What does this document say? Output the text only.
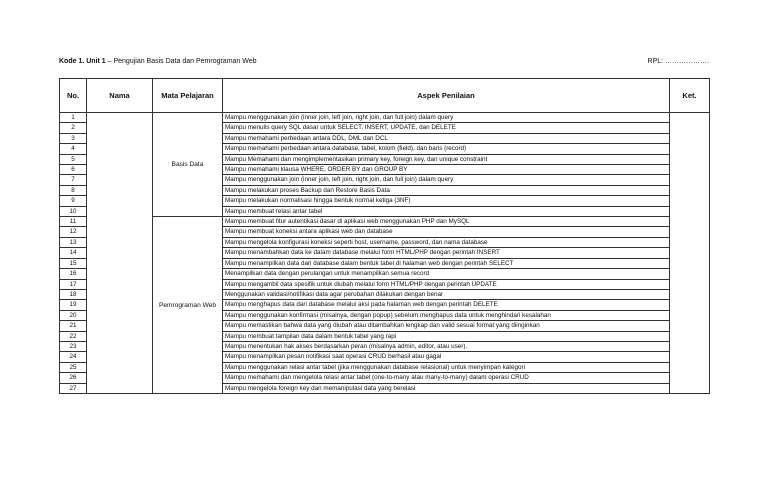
Kode 1. Unit 1 – Pengujian Basis Data dan Pemrograman Web	RPL: ……………….
No.	Nama	Mata Pelajaran	Aspek Penilaian	Ket.
1		Basis Data	Mampu menggunakan join (inner join, left join, right join, dan full join) dalam query	
2			Mampu menulis query SQL dasar untuk SELECT, INSERT, UPDATE, dan DELETE	
3			Mampu memahami perbedaan antara DDL, DML dan DCL	
4			Mampu memahami perbedaan antara database, tabel, kolom (field), dan baris (record)	
5			Mampu Memahami dan mengimplementasikan primary key, foreign key, dan unique constraint	
6			Mampu memahami klausa WHERE, ORDER BY dan GROUP BY	
7			Mampu menggunakan join (inner join, left join, right join, dan full join) dalam query	
8			Mampu melakukan proses Backup dan Restore Basis Data	
9			Mampu melakukan normalisasi hingga bentuk normal ketiga (3NF)	
10			Mampu membuat relasi antar tabel	
11		Pemrograman Web	Mampu membuat fitur autentikasi dasar di aplikasi web menggunakan PHP dan MySQL	
12			Mampu membuat koneksi antara aplikasi web dan database	
13			Mampu mengelola konfigurasi koneksi seperti host, username, password, dan nama database	
14			Mampu menambahkan data ke dalam database melalui form HTML/PHP dengan perintah INSERT	
15			Mampu menampilkan data dari database dalam bentuk tabel di halaman web dengan perintah SELECT	
16			Menampilkan data dengan perulangan untuk menampilkan semua record	
17			Mampu mengambil data spesifik untuk diubah melalui form HTML/PHP dengan perintah UPDATE	
18			Menggunakan validasi/notifikasi data agar perubahan dilakukan dengan benar	
19			Mampu menghapus data dari database melalui aksi pada halaman web dengan perintah DELETE	
20			Mampu menggunakan konfirmasi (misalnya, dengan popup) sebelum menghapus data untuk menghindari kesalahan	
21			Mampu memastikan bahwa data yang diubah atau ditambahkan lengkap dan valid sesuai format yang diinginkan	
22			Mampu membuat tampilan data dalam bentuk tabel yang rapi	
23			Mampu menentukan hak akses berdasarkan peran (misalnya admin, editor, atau user).	
24			Mampu menampilkan pesan notifikasi saat operasi CRUD berhasil atau gagal	
25			Mampu menggunakan relasi antar tabel (jika menggunakan database relasional) untuk menyimpan kategori	
26			Mampu memahami dan mengelola relasi antar tabel (one-to-many atau many-to-many) dalam operasi CRUD	
27			Mampu mengelola foreign key dan memanipulasi data yang berelasi	
